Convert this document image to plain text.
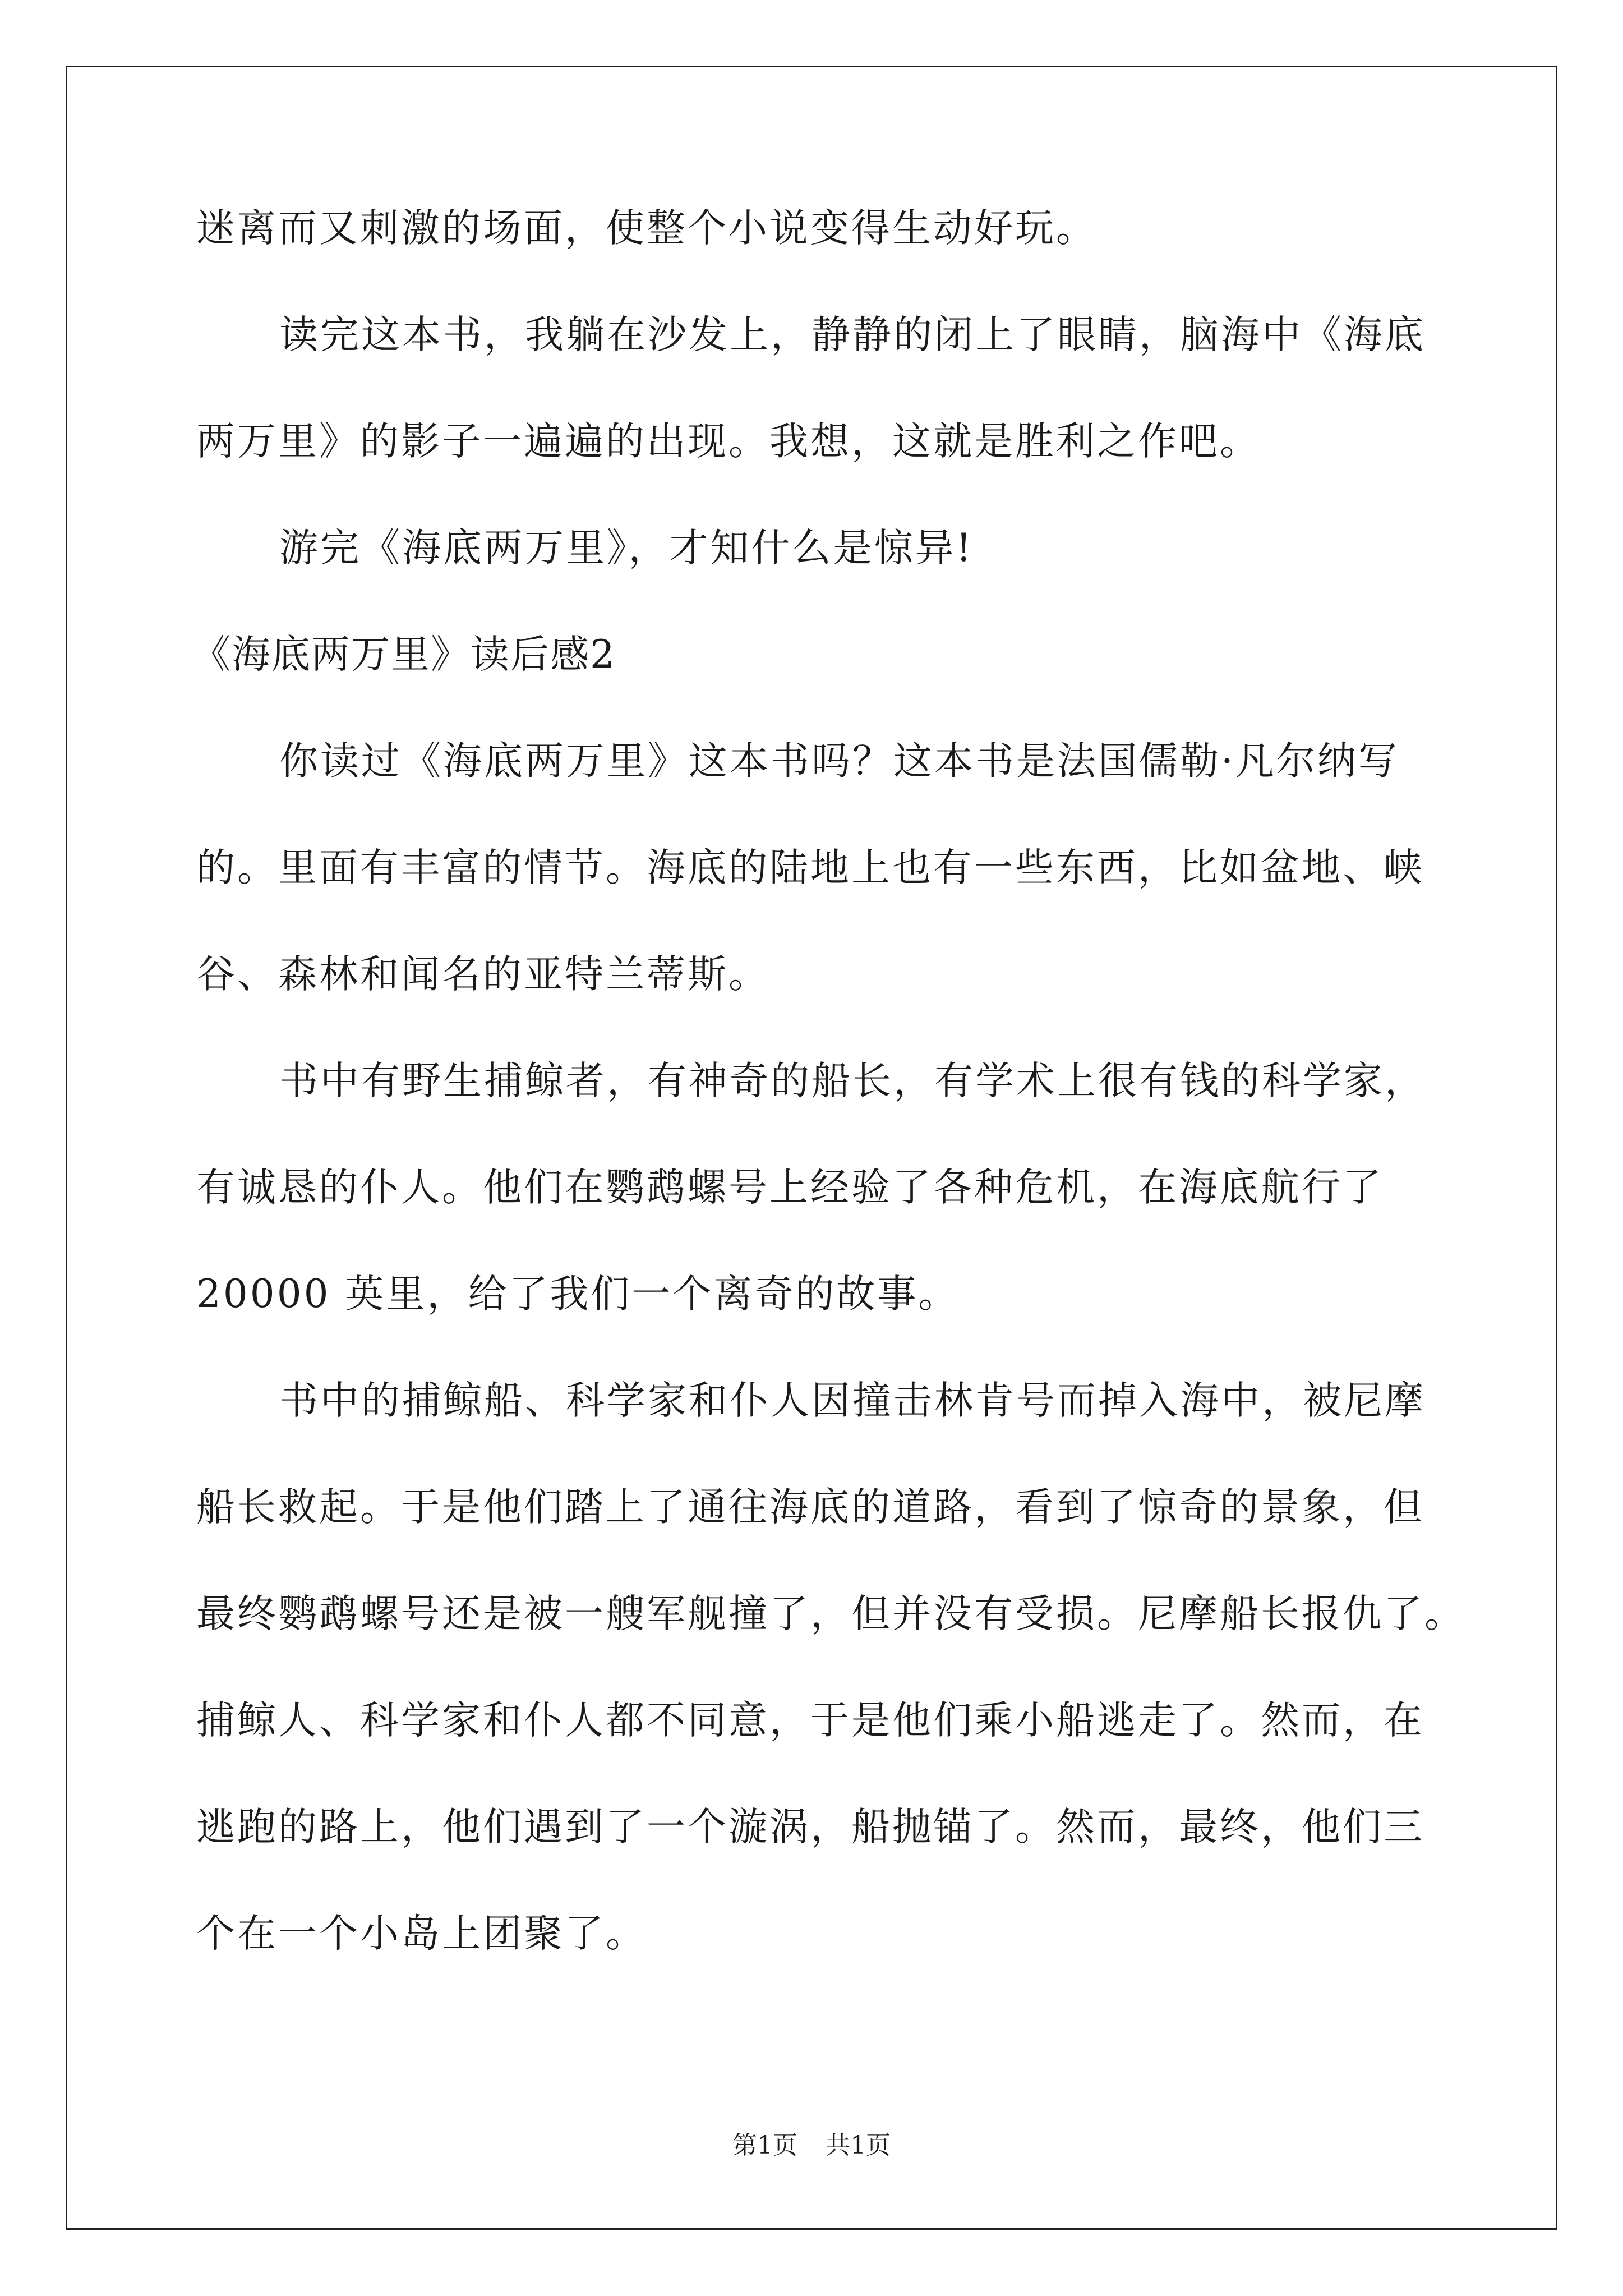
迷离而又刺激的场面，使整个小说变得生动好玩。
读完这本书，我躺在沙发上，静静的闭上了眼睛，脑海中《海底
两万里》的影子一遍遍的出现。我想，这就是胜利之作吧。
游完《海底两万里》，才知什么是惊异!
《海底两万里》读后感2
你读过《海底两万里》这本书吗？这本书是法国儒勒·凡尔纳写
的。里面有丰富的情节。海底的陆地上也有一些东西，比如盆地、峡
谷、森林和闻名的亚特兰蒂斯。
书中有野生捕鲸者，有神奇的船长，有学术上很有钱的科学家，
有诚恳的仆人。他们在鹦鹉螺号上经验了各种危机，在海底航行了
20000 英里，给了我们一个离奇的故事。
书中的捕鲸船、科学家和仆人因撞击林肯号而掉入海中，被尼摩
船长救起。于是他们踏上了通往海底的道路，看到了惊奇的景象，但
最终鹦鹉螺号还是被一艘军舰撞了，但并没有受损。尼摩船长报仇了。
捕鲸人、科学家和仆人都不同意，于是他们乘小船逃走了。然而，在
逃跑的路上，他们遇到了一个漩涡，船抛锚了。然而，最终，他们三
个在一个小岛上团聚了。
第1页 共1页
